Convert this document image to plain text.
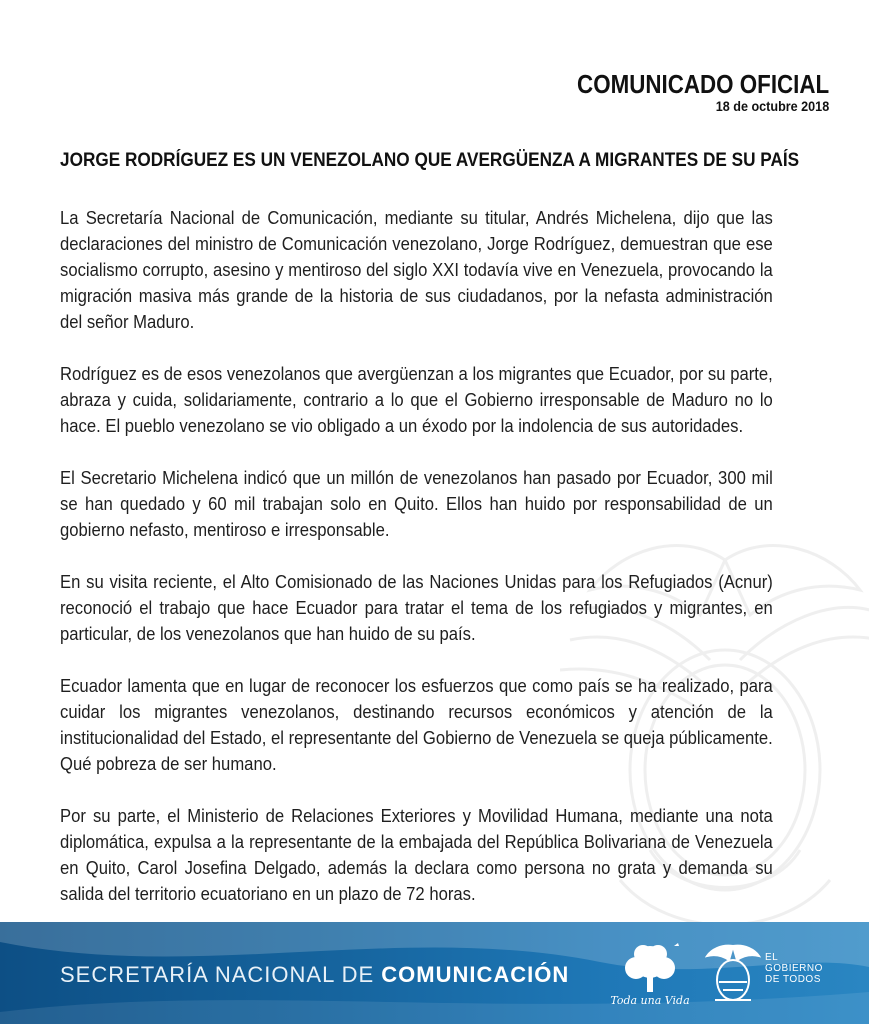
COMUNICADO OFICIAL
18 de octubre 2018
JORGE RODRÍGUEZ ES UN VENEZOLANO QUE AVERGÜENZA A MIGRANTES DE SU PAÍS

La Secretaría Nacional de Comunicación, mediante su titular, Andrés Michelena, dijo que las declaraciones del ministro de Comunicación venezolano, Jorge Rodríguez, demuestran que ese socialismo corrupto, asesino y mentiroso del siglo XXI todavía vive en Venezuela, provocando la migración masiva más grande de la historia de sus ciudadanos, por la nefasta administración del señor Maduro.

Rodríguez es de esos venezolanos que avergüenzan a los migrantes que Ecuador, por su parte, abraza y cuida, solidariamente, contrario a lo que el Gobierno irresponsable de Maduro no lo hace. El pueblo venezolano se vio obligado a un éxodo por la indolencia de sus autoridades.

El Secretario Michelena indicó que un millón de venezolanos han pasado por Ecuador, 300 mil se han quedado y 60 mil trabajan solo en Quito. Ellos han huido por responsabilidad de un gobierno nefasto, mentiroso e irresponsable.

En su visita reciente, el Alto Comisionado de las Naciones Unidas para los Refugiados (Acnur) reconoció el trabajo que hace Ecuador para tratar el tema de los refugiados y migrantes, en particular, de los venezolanos que han huido de su país.

Ecuador lamenta que en lugar de reconocer los esfuerzos que como país se ha realizado, para cuidar los migrantes venezolanos, destinando recursos económicos y atención de la institucionalidad del Estado, el representante del Gobierno de Venezuela se queja públicamente. Qué pobreza de ser humano.

Por su parte, el Ministerio de Relaciones Exteriores y Movilidad Humana, mediante una nota diplomática, expulsa a la representante de la embajada del República Bolivariana de Venezuela en Quito, Carol Josefina Delgado, además la declara como persona no grata y demanda su salida del territorio ecuatoriano en un plazo de 72 horas.

SECRETARÍA NACIONAL DE COMUNICACIÓN
Toda una Vida
EL
GOBIERNO
DE TODOS
